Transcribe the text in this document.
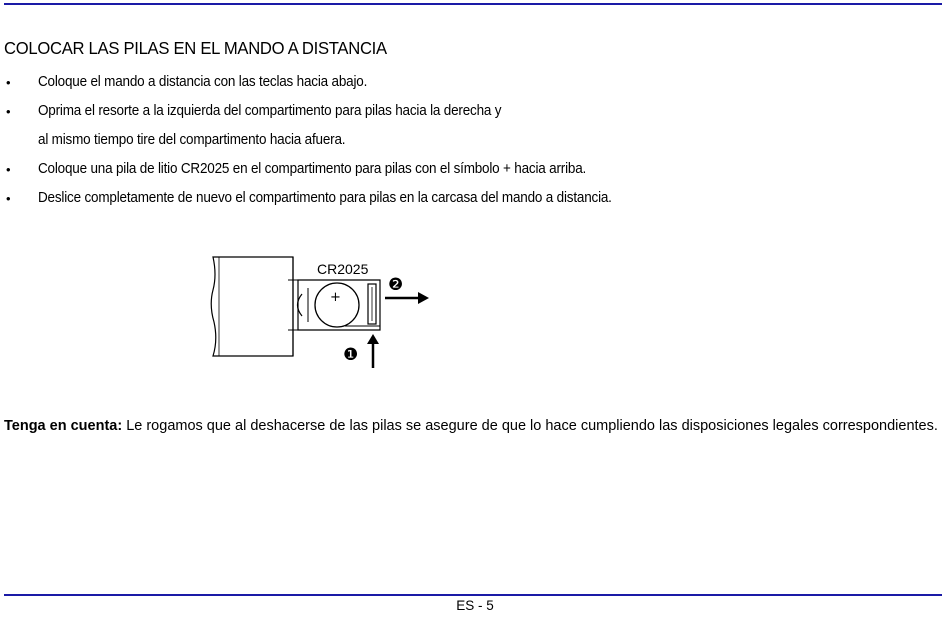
COLOCAR LAS PILAS EN EL MANDO A DISTANCIA
• Coloque el mando a distancia con las teclas hacia abajo.
• Oprima el resorte a la izquierda del compartimento para pilas hacia la derecha y
al mismo tiempo tire del compartimento hacia afuera.
• Coloque una pila de litio CR2025 en el compartimento para pilas con el símbolo + hacia arriba.
• Deslice completamente de nuevo el compartimento para pilas en la carcasa del mando a distancia.
+
CR2025
❷
❶

Tenga en cuenta: Le rogamos que al deshacerse de las pilas se asegure de que lo hace cumpliendo las disposiciones legales correspondientes.

ES - 5
